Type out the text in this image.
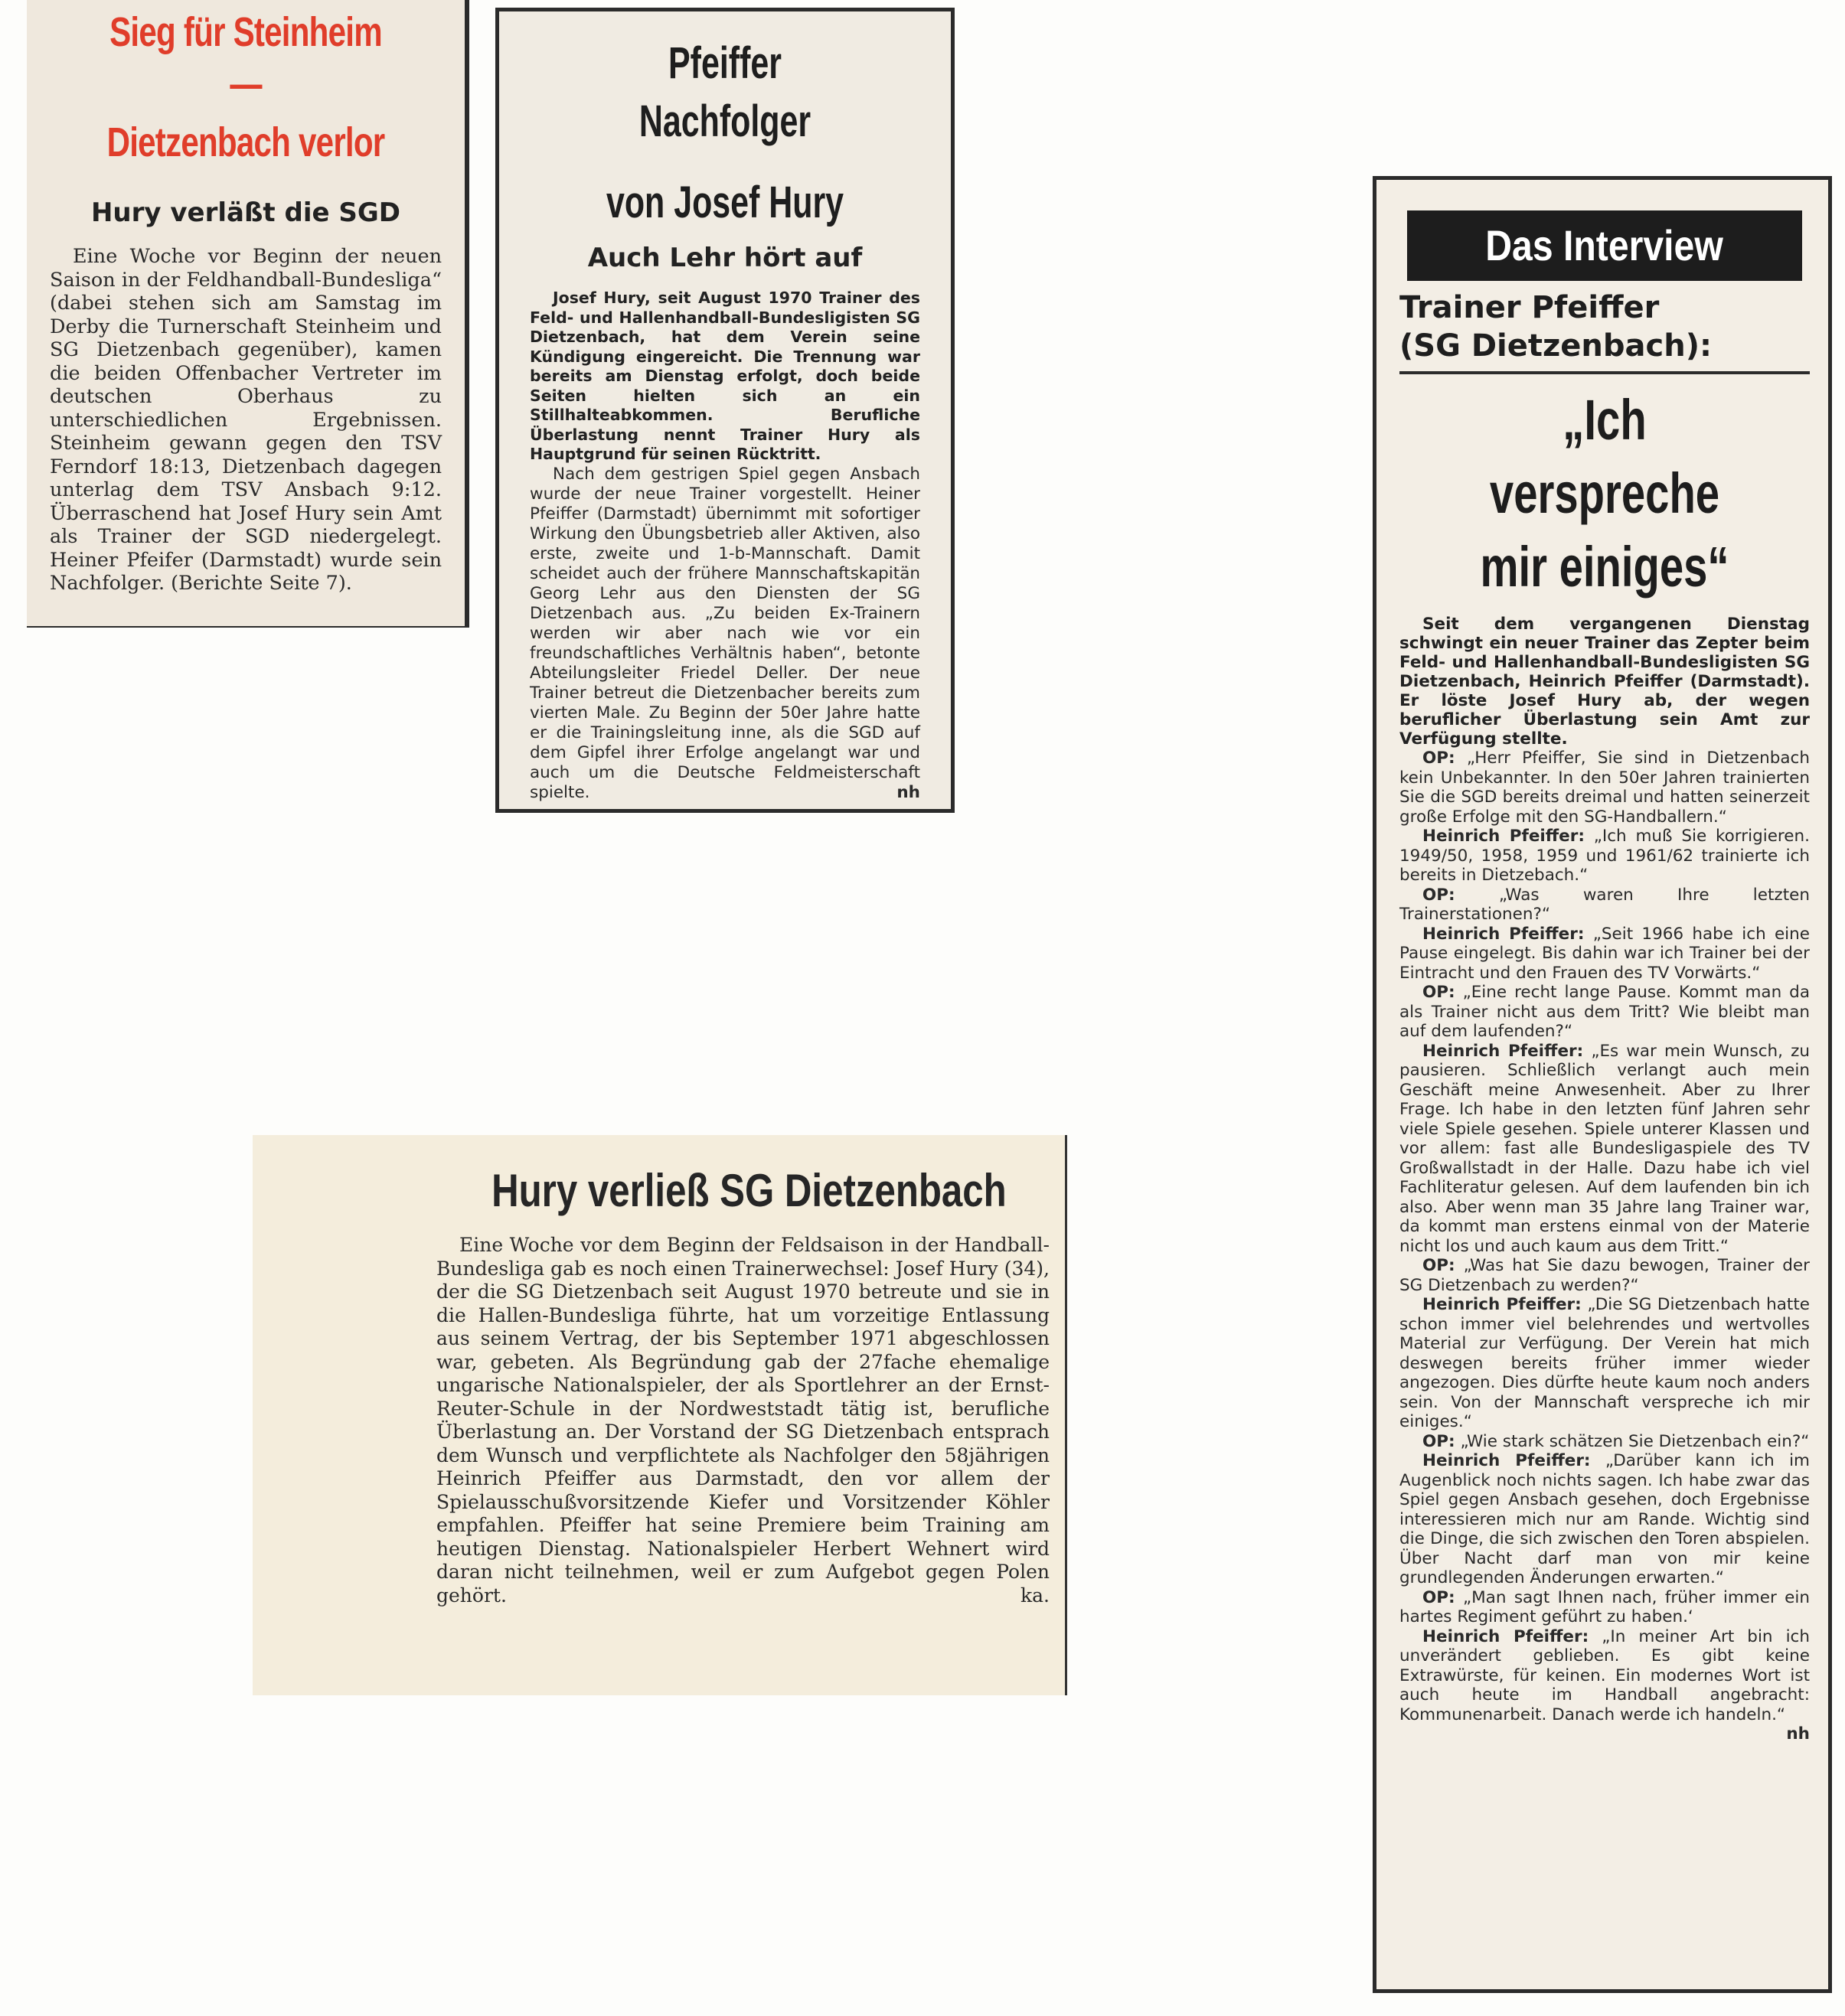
Sieg für Steinheim —
Dietzenbach verlor
Hury verläßt die SGD

Eine Woche vor Beginn der neuen Saison in der Feldhandball-Bundesliga“ (dabei stehen sich am Samstag im Derby die Turnerschaft Steinheim und SG Dietzenbach gegenüber), kamen die beiden Offenbacher Vertreter im deutschen Oberhaus zu unterschiedlichen Ergebnissen. Steinheim gewann gegen den TSV Ferndorf 18:13, Dietzenbach dagegen unterlag dem TSV Ansbach 9:12. Überraschend hat Josef Hury sein Amt als Trainer der SGD niedergelegt. Heiner Pfeifer (Darmstadt) wurde sein Nachfolger. (Berichte Seite 7).

Pfeiffer Nachfolger
von Josef Hury
Auch Lehr hört auf

Josef Hury, seit August 1970 Trainer des Feld- und Hallenhandball-Bundesligisten SG Dietzenbach, hat dem Verein seine Kündigung eingereicht. Die Trennung war bereits am Dienstag erfolgt, doch beide Seiten hielten sich an ein Stillhalteabkommen. Berufliche Überlastung nennt Trainer Hury als Hauptgrund für seinen Rücktritt.

Nach dem gestrigen Spiel gegen Ansbach wurde der neue Trainer vorgestellt. Heiner Pfeiffer (Darmstadt) übernimmt mit sofortiger Wirkung den Übungsbetrieb aller Aktiven, also erste, zweite und 1-b-Mannschaft. Damit scheidet auch der frühere Mannschaftskapitän Georg Lehr aus den Diensten der SG Dietzenbach aus. „Zu beiden Ex-Trainern werden wir aber nach wie vor ein freundschaftliches Verhältnis haben“, betonte Abteilungsleiter Friedel Deller. Der neue Trainer betreut die Dietzenbacher bereits zum vierten Male. Zu Beginn der 50er Jahre hatte er die Trainingsleitung inne, als die SGD auf dem Gipfel ihrer Erfolge angelangt war und auch um die Deutsche Feldmeisterschaft spielte.	nh

Hury verließ SG Dietzenbach

Eine Woche vor dem Beginn der Feldsaison in der Handball-Bundesliga gab es noch einen Trainerwechsel: Josef Hury (34), der die SG Dietzenbach seit August 1970 betreute und sie in die Hallen-Bundesliga führte, hat um vorzeitige Entlassung aus seinem Vertrag, der bis September 1971 abgeschlossen war, gebeten. Als Begründung gab der 27fache ehemalige ungarische Nationalspieler, der als Sportlehrer an der Ernst-Reuter-Schule in der Nordweststadt tätig ist, berufliche Überlastung an. Der Vorstand der SG Dietzenbach entsprach dem Wunsch und verpflichtete als Nachfolger den 58jährigen Heinrich Pfeiffer aus Darmstadt, den vor allem der Spielausschußvorsitzende Kiefer und Vorsitzender Köhler empfahlen. Pfeiffer hat seine Premiere beim Training am heutigen Dienstag. Nationalspieler Herbert Wehnert wird daran nicht teilnehmen, weil er zum Aufgebot gegen Polen gehört.	ka.

Das Interview
Trainer Pfeiffer
(SG Dietzenbach):
„Ich verspreche
mir einiges“

Seit dem vergangenen Dienstag schwingt ein neuer Trainer das Zepter beim Feld- und Hallenhandball-Bundesligisten SG Dietzenbach, Heinrich Pfeiffer (Darmstadt). Er löste Josef Hury ab, der wegen beruflicher Überlastung sein Amt zur Verfügung stellte.

OP: „Herr Pfeiffer, Sie sind in Dietzenbach kein Unbekannter. In den 50er Jahren trainierten Sie die SGD bereits dreimal und hatten seinerzeit große Erfolge mit den SG-Handballern.“

Heinrich Pfeiffer: „Ich muß Sie korrigieren. 1949/50, 1958, 1959 und 1961/62 trainierte ich bereits in Dietzebach.“

OP:	„Was waren Ihre letzten Trainerstationen?“

Heinrich Pfeiffer: „Seit 1966 habe ich eine Pause eingelegt. Bis dahin war ich Trainer bei der Eintracht und den Frauen des TV Vorwärts.“

OP: „Eine recht lange Pause. Kommt man da als Trainer nicht aus dem Tritt? Wie bleibt man auf dem laufenden?“

Heinrich Pfeiffer: „Es war mein Wunsch, zu pausieren. Schließlich verlangt auch mein Geschäft meine Anwesenheit. Aber zu Ihrer Frage. Ich habe in den letzten fünf Jahren sehr viele Spiele gesehen. Spiele unterer Klassen und vor allem: fast alle Bundesligaspiele des TV Großwallstadt in der Halle. Dazu habe ich viel Fachliteratur gelesen. Auf dem laufenden bin ich also. Aber wenn man 35 Jahre lang Trainer war, da kommt man erstens einmal von der Materie nicht los und auch kaum aus dem Tritt.“

OP: „Was hat Sie dazu bewogen, Trainer der SG Dietzenbach zu werden?“

Heinrich Pfeiffer: „Die SG Dietzenbach hatte schon immer viel belehrendes und wertvolles Material zur Verfügung. Der Verein hat mich deswegen bereits früher immer wieder angezogen. Dies dürfte heute kaum noch anders sein. Von der Mannschaft verspreche ich mir einiges.“

OP: „Wie stark schätzen Sie Dietzenbach ein?“

Heinrich Pfeiffer: „Darüber kann ich im Augenblick noch nichts sagen. Ich habe zwar das Spiel gegen Ansbach gesehen, doch Ergebnisse interessieren mich nur am Rande. Wichtig sind die Dinge, die sich zwischen den Toren abspielen. Über Nacht darf man von mir keine grundlegenden Änderungen erwarten.“

OP: „Man sagt Ihnen nach, früher immer ein hartes Regiment geführt zu haben.‘

Heinrich Pfeiffer: „In meiner Art bin ich unverändert geblieben. Es gibt keine Extrawürste, für keinen. Ein modernes Wort ist auch heute im Handball angebracht: Kommunenarbeit. Danach werde ich handeln.“
nh
